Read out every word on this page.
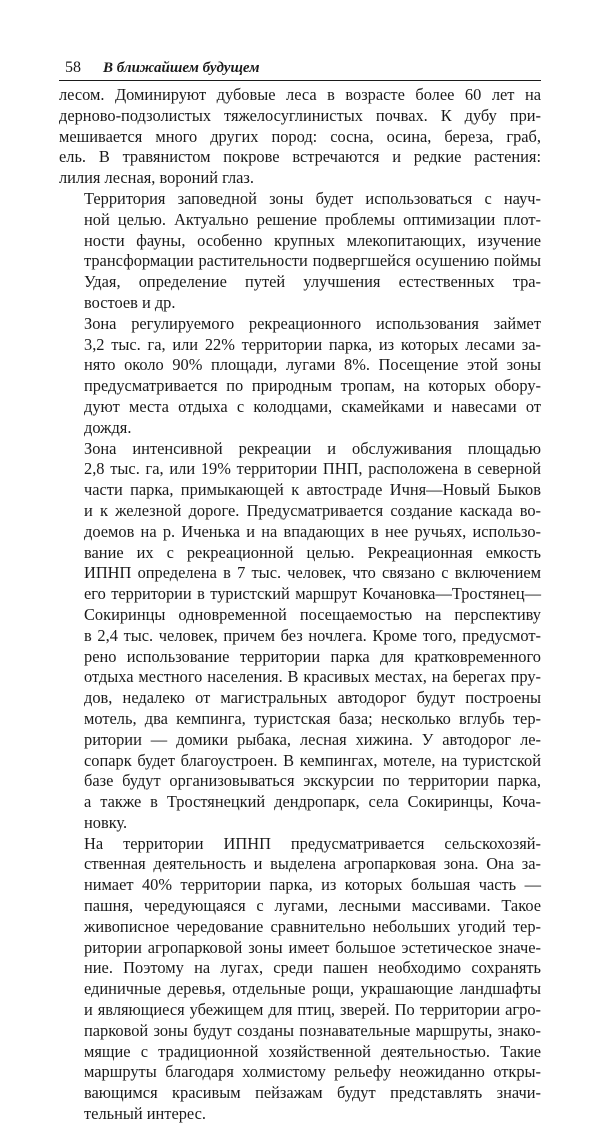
58 В ближайшем будущем

лесом. Доминируют дубовые леса в возрасте более 60 лет на
дерново-подзолистых тяжелосуглинистых почвах. К дубу при-
мешивается много других пород: сосна, осина, береза, граб,
ель. В травянистом покрове встречаются и редкие растения:
лилия лесная, вороний глаз.

Территория заповедной зоны будет использоваться с науч-
ной целью. Актуально решение проблемы оптимизации плот-
ности фауны, особенно крупных млекопитающих, изучение
трансформации растительности подвергшейся осушению поймы
Удая, определение путей улучшения естественных тра-
востоев и др.

Зона регулируемого рекреационного использования займет
3,2 тыс. га, или 22% территории парка, из которых лесами за-
нято около 90% площади, лугами 8%. Посещение этой зоны
предусматривается по природным тропам, на которых обору-
дуют места отдыха с колодцами, скамейками и навесами от
дождя.

Зона интенсивной рекреации и обслуживания площадью
2,8 тыс. га, или 19% территории ПНП, расположена в северной
части парка, примыкающей к автостраде Ичня—Новый Быков
и к железной дороге. Предусматривается создание каскада во-
доемов на р. Иченька и на впадающих в нее ручьях, использо-
вание их с рекреационной целью. Рекреационная емкость
ИПНП определена в 7 тыс. человек, что связано с включением
его территории в туристский маршрут Кочановка—Тростянец—
Сокиринцы одновременной посещаемостью на перспективу
в 2,4 тыс. человек, причем без ночлега. Кроме того, предусмот-
рено использование территории парка для кратковременного
отдыха местного населения. В красивых местах, на берегах пру-
дов, недалеко от магистральных автодорог будут построены
мотель, два кемпинга, туристская база; несколько вглубь тер-
ритории — домики рыбака, лесная хижина. У автодорог ле-
сопарк будет благоустроен. В кемпингах, мотеле, на туристской
базе будут организовываться экскурсии по территории парка,
а также в Тростянецкий дендропарк, села Сокиринцы, Коча-
новку.

На территории ИПНП предусматривается сельскохозяй-
ственная деятельность и выделена агропарковая зона. Она за-
нимает 40% территории парка, из которых большая часть —
пашня, чередующаяся с лугами, лесными массивами. Такое
живописное чередование сравнительно небольших угодий тер-
ритории агропарковой зоны имеет большое эстетическое значе-
ние. Поэтому на лугах, среди пашен необходимо сохранять
единичные деревья, отдельные рощи, украшающие ландшафты
и являющиеся убежищем для птиц, зверей. По территории агро-
парковой зоны будут созданы познавательные маршруты, знако-
мящие с традиционной хозяйственной деятельностью. Такие
маршруты благодаря холмистому рельефу неожиданно откры-
вающимся красивым пейзажам будут представлять значи-
тельный интерес.
